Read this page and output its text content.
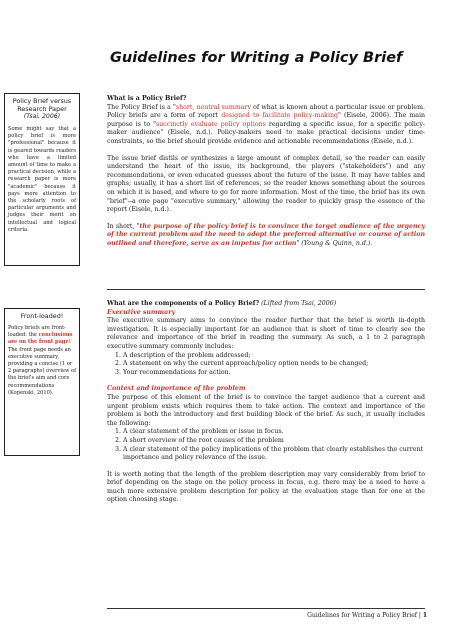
Guidelines for Writing a Policy Brief

Policy Brief versus Research Paper

(Tsai, 2006)

Some might say that a policy brief is more "professional" because it is geared towards readers who have a limited amount of time to make a practical decision, while a research paper is more "academic" because it pays more attention to the scholarly roots of particular arguments and judges their merit on intellectual and logical criteria.

Front-loaded!

Policy briefs are front-loaded: the conclusions are on the front page! The front page needs an executive summary, providing a concise (1 or 2 paragraphs) overview of the brief's aim and core recommendations (Kopenski, 2010).

What is a Policy Brief?

The Policy Brief is a "short, neutral summary of what is known about a particular issue or problem. Policy briefs are a form of report designed to facilitate policy-making" (Eisele, 2006). The main purpose is to "succinctly evaluate policy options regarding a specific issue, for a specific policy-maker audience" (Eisele, n.d.). Policy-makers need to make practical decisions under time-constraints, so the brief should provide evidence and actionable recommendations (Eisele, n.d.).

The issue brief distils or synthesizes a large amount of complex detail, so the reader can easily understand the heart of the issue, its background, the players ("stakeholders") and any recommendations, or even educated guesses about the future of the issue. It may have tables and graphs; usually, it has a short list of references, so the reader knows something about the sources on which it is based, and where to go for more information. Most of the time, the brief has its own "brief"--a one page "executive summary," allowing the reader to quickly grasp the essence of the report (Eisele, n.d.).

In short, "the purpose of the policy brief is to convince the target audience of the urgency of the current problem and the need to adopt the preferred alternative or course of action outlined and therefore, serve as an impetus for action" (Young & Quinn, n.d.).

What are the components of a Policy Brief? (Lifted from Tsai, 2006)

Executive summary

The executive summary aims to convince the reader further that the brief is worth in-depth investigation. It is especially important for an audience that is short of time to clearly see the relevance and importance of the brief in reading the summary. As such, a 1 to 2 paragraph executive summary commonly includes:

1. A description of the problem addressed;
2. A statement on why the current approach/policy option needs to be changed;
3. Your recommendations for action.

Context and importance of the problem

The purpose of this element of the brief is to convince the target audience that a current and urgent problem exists which requires them to take action. The context and importance of the problem is both the introductory and first building block of the brief. As such, it usually includes the following:

1. A clear statement of the problem or issue in focus.
2. A short overview of the root causes of the problem
3. A clear statement of the policy implications of the problem that clearly establishes the current importance and policy relevance of the issue.

It is worth noting that the length of the problem description may vary considerably from brief to brief depending on the stage on the policy process in focus, e.g. there may be a need to have a much more extensive problem description for policy at the evaluation stage than for one at the option choosing stage.

Guidelines for Writing a Policy Brief | 1
